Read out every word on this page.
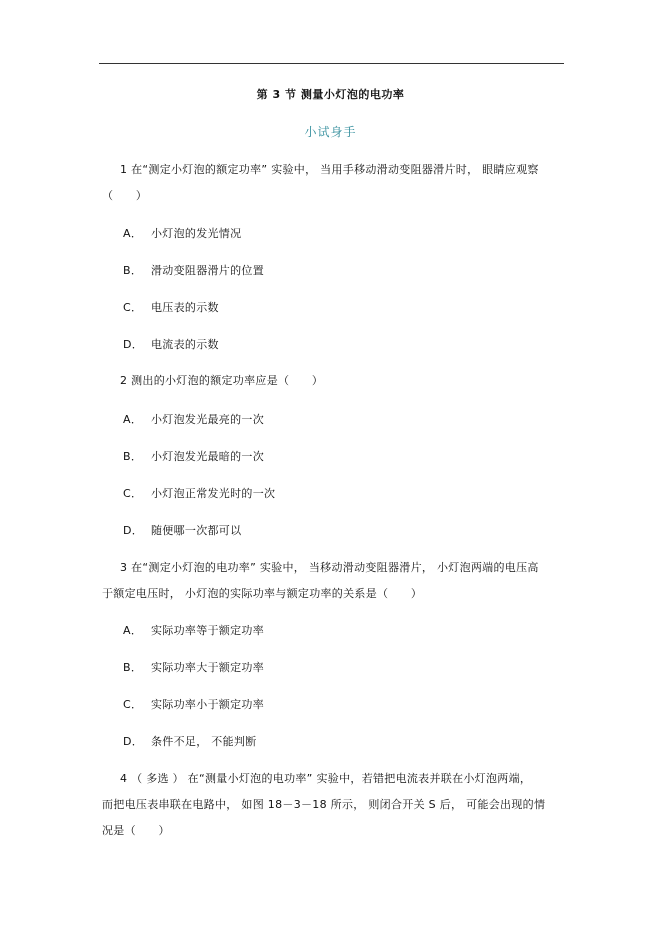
第 3 节 测量小灯泡的电功率
小试身手
1 在“测定小灯泡的额定功率” 实验中， 当用手移动滑动变阻器滑片时， 眼睛应观察
（　　）
A． 小灯泡的发光情况
B． 滑动变阻器滑片的位置
C． 电压表的示数
D． 电流表的示数
2 测出的小灯泡的额定功率应是（　　）
A． 小灯泡发光最亮的一次
B． 小灯泡发光最暗的一次
C． 小灯泡正常发光时的一次
D． 随便哪一次都可以
3 在“测定小灯泡的电功率” 实验中， 当移动滑动变阻器滑片， 小灯泡两端的电压高
于额定电压时， 小灯泡的实际功率与额定功率的关系是（　　）
A． 实际功率等于额定功率
B． 实际功率大于额定功率
C． 实际功率小于额定功率
D． 条件不足， 不能判断
4 （ 多选 ） 在“测量小灯泡的电功率” 实验中，若错把电流表并联在小灯泡两端，
而把电压表串联在电路中， 如图 18－3－18 所示， 则闭合开关 S 后， 可能会出现的情
况是（　　）
